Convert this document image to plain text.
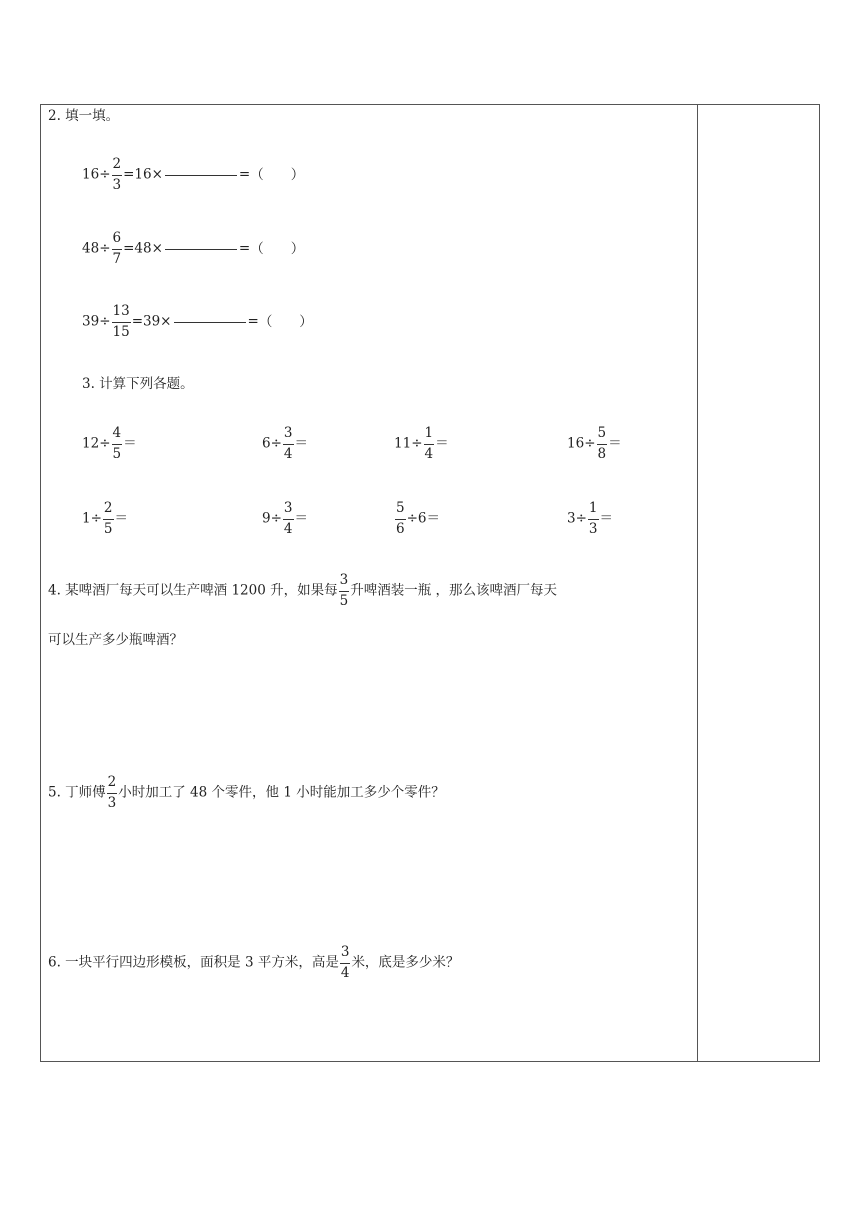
2. 填一填。
$16\div \frac{2}{3} =16\times$	=（　　）
$48\div \frac{6}{7} =48\times$	=（　　）
$39\div \frac{13}{15} =39\times$	=（　　）
3. 计算下列各题。
$12\div \frac{4}{5}$ ＝	$6\div \frac{3}{4}$ ＝	$11\div \frac{1}{4}$ ＝	$16\div \frac{5}{8}$ ＝
$1\div \frac{2}{5}$ ＝	$9\div \frac{3}{4}$ ＝	$\frac{5}{6} \div 6=$	$3\div \frac{1}{3}$ ＝
4. 某啤酒厂每天可以生产啤酒 1200 升，如果每 $\frac{3}{5}$ 升啤酒装一瓶 ，那么该啤酒厂每天
可以生产多少瓶啤酒？
5. 丁师傅 $\frac{2}{3}$ 小时加工了 48 个零件，他 1 小时能加工多少个零件？
6. 一块平行四边形模板，面积是 3 平方米，高是 $\frac{3}{4}$ 米，底是多少米？
